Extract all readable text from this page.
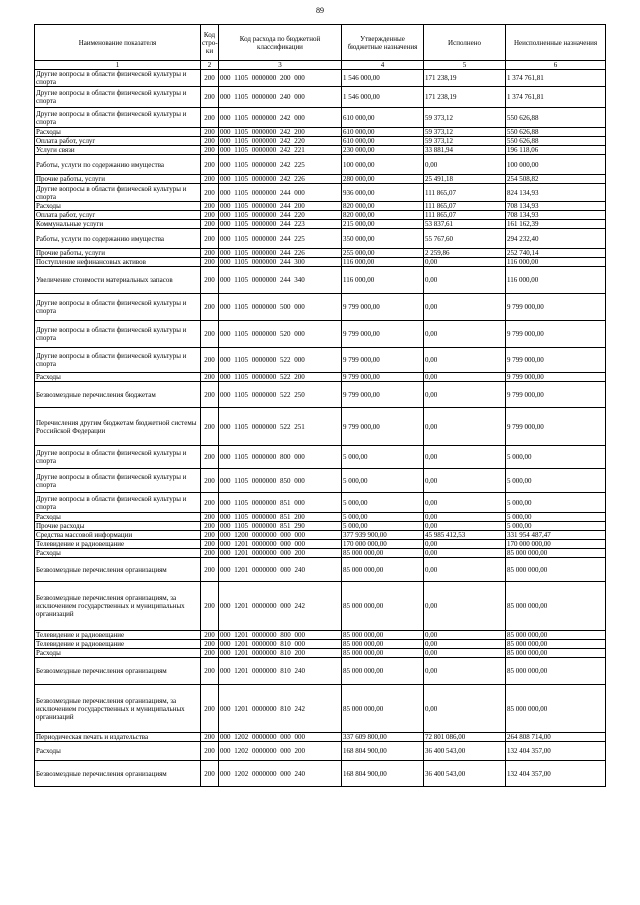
89
Наименование показателя	Код стро-ки	Код расхода по бюджетной классификации	Утвержденные бюджетные назначения	Исполнено	Неисполненные назначения
1	2	3	4	5	6
Другие вопросы в области физической культуры и спорта	200	000 1105 0000000 200 000	1 546 000,00	171 238,19	1 374 761,81
Другие вопросы в области физической культуры и спорта	200	000 1105 0000000 240 000	1 546 000,00	171 238,19	1 374 761,81
Другие вопросы в области физической культуры и спорта	200	000 1105 0000000 242 000	610 000,00	59 373,12	550 626,88
Расходы	200	000 1105 0000000 242 200	610 000,00	59 373,12	550 626,88
Оплата работ, услуг	200	000 1105 0000000 242 220	610 000,00	59 373,12	550 626,88
Услуги связи	200	000 1105 0000000 242 221	230 000,00	33 881,94	196 118,06
Работы, услуги по содержанию имущества	200	000 1105 0000000 242 225	100 000,00	0,00	100 000,00
Прочие работы, услуги	200	000 1105 0000000 242 226	280 000,00	25 491,18	254 508,82
Другие вопросы в области физической культуры и спорта	200	000 1105 0000000 244 000	936 000,00	111 865,07	824 134,93
Расходы	200	000 1105 0000000 244 200	820 000,00	111 865,07	708 134,93
Оплата работ, услуг	200	000 1105 0000000 244 220	820 000,00	111 865,07	708 134,93
Коммунальные услуги	200	000 1105 0000000 244 223	215 000,00	53 837,61	161 162,39
Работы, услуги по содержанию имущества	200	000 1105 0000000 244 225	350 000,00	55 767,60	294 232,40
Прочие работы, услуги	200	000 1105 0000000 244 226	255 000,00	2 259,86	252 740,14
Поступление нефинансовых активов	200	000 1105 0000000 244 300	116 000,00	0,00	116 000,00
Увеличение стоимости материальных запасов	200	000 1105 0000000 244 340	116 000,00	0,00	116 000,00
Другие вопросы в области физической культуры и спорта	200	000 1105 0000000 500 000	9 799 000,00	0,00	9 799 000,00
Другие вопросы в области физической культуры и спорта	200	000 1105 0000000 520 000	9 799 000,00	0,00	9 799 000,00
Другие вопросы в области физической культуры и спорта	200	000 1105 0000000 522 000	9 799 000,00	0,00	9 799 000,00
Расходы	200	000 1105 0000000 522 200	9 799 000,00	0,00	9 799 000,00
Безвозмездные перечисления бюджетам	200	000 1105 0000000 522 250	9 799 000,00	0,00	9 799 000,00
Перечисления другим бюджетам бюджетной системы Российской Федерации	200	000 1105 0000000 522 251	9 799 000,00	0,00	9 799 000,00
Другие вопросы в области физической культуры и спорта	200	000 1105 0000000 800 000	5 000,00	0,00	5 000,00
Другие вопросы в области физической культуры и спорта	200	000 1105 0000000 850 000	5 000,00	0,00	5 000,00
Другие вопросы в области физической культуры и спорта	200	000 1105 0000000 851 000	5 000,00	0,00	5 000,00
Расходы	200	000 1105 0000000 851 200	5 000,00	0,00	5 000,00
Прочие расходы	200	000 1105 0000000 851 290	5 000,00	0,00	5 000,00
Средства массовой информации	200	000 1200 0000000 000 000	377 939 900,00	45 985 412,53	331 954 487,47
Телевидение и радиовещание	200	000 1201 0000000 000 000	170 000 000,00	0,00	170 000 000,00
Расходы	200	000 1201 0000000 000 200	85 000 000,00	0,00	85 000 000,00
Безвозмездные перечисления организациям	200	000 1201 0000000 000 240	85 000 000,00	0,00	85 000 000,00
Безвозмездные перечисления организациям, за исключением государственных и муниципальных организаций	200	000 1201 0000000 000 242	85 000 000,00	0,00	85 000 000,00
Телевидение и радиовещание	200	000 1201 0000000 800 000	85 000 000,00	0,00	85 000 000,00
Телевидение и радиовещание	200	000 1201 0000000 810 000	85 000 000,00	0,00	85 000 000,00
Расходы	200	000 1201 0000000 810 200	85 000 000,00	0,00	85 000 000,00
Безвозмездные перечисления организациям	200	000 1201 0000000 810 240	85 000 000,00	0,00	85 000 000,00
Безвозмездные перечисления организациям, за исключением государственных и муниципальных организаций	200	000 1201 0000000 810 242	85 000 000,00	0,00	85 000 000,00
Периодическая печать и издательства	200	000 1202 0000000 000 000	337 609 800,00	72 801 086,00	264 808 714,00
Расходы	200	000 1202 0000000 000 200	168 804 900,00	36 400 543,00	132 404 357,00
Безвозмездные перечисления организациям	200	000 1202 0000000 000 240	168 804 900,00	36 400 543,00	132 404 357,00
